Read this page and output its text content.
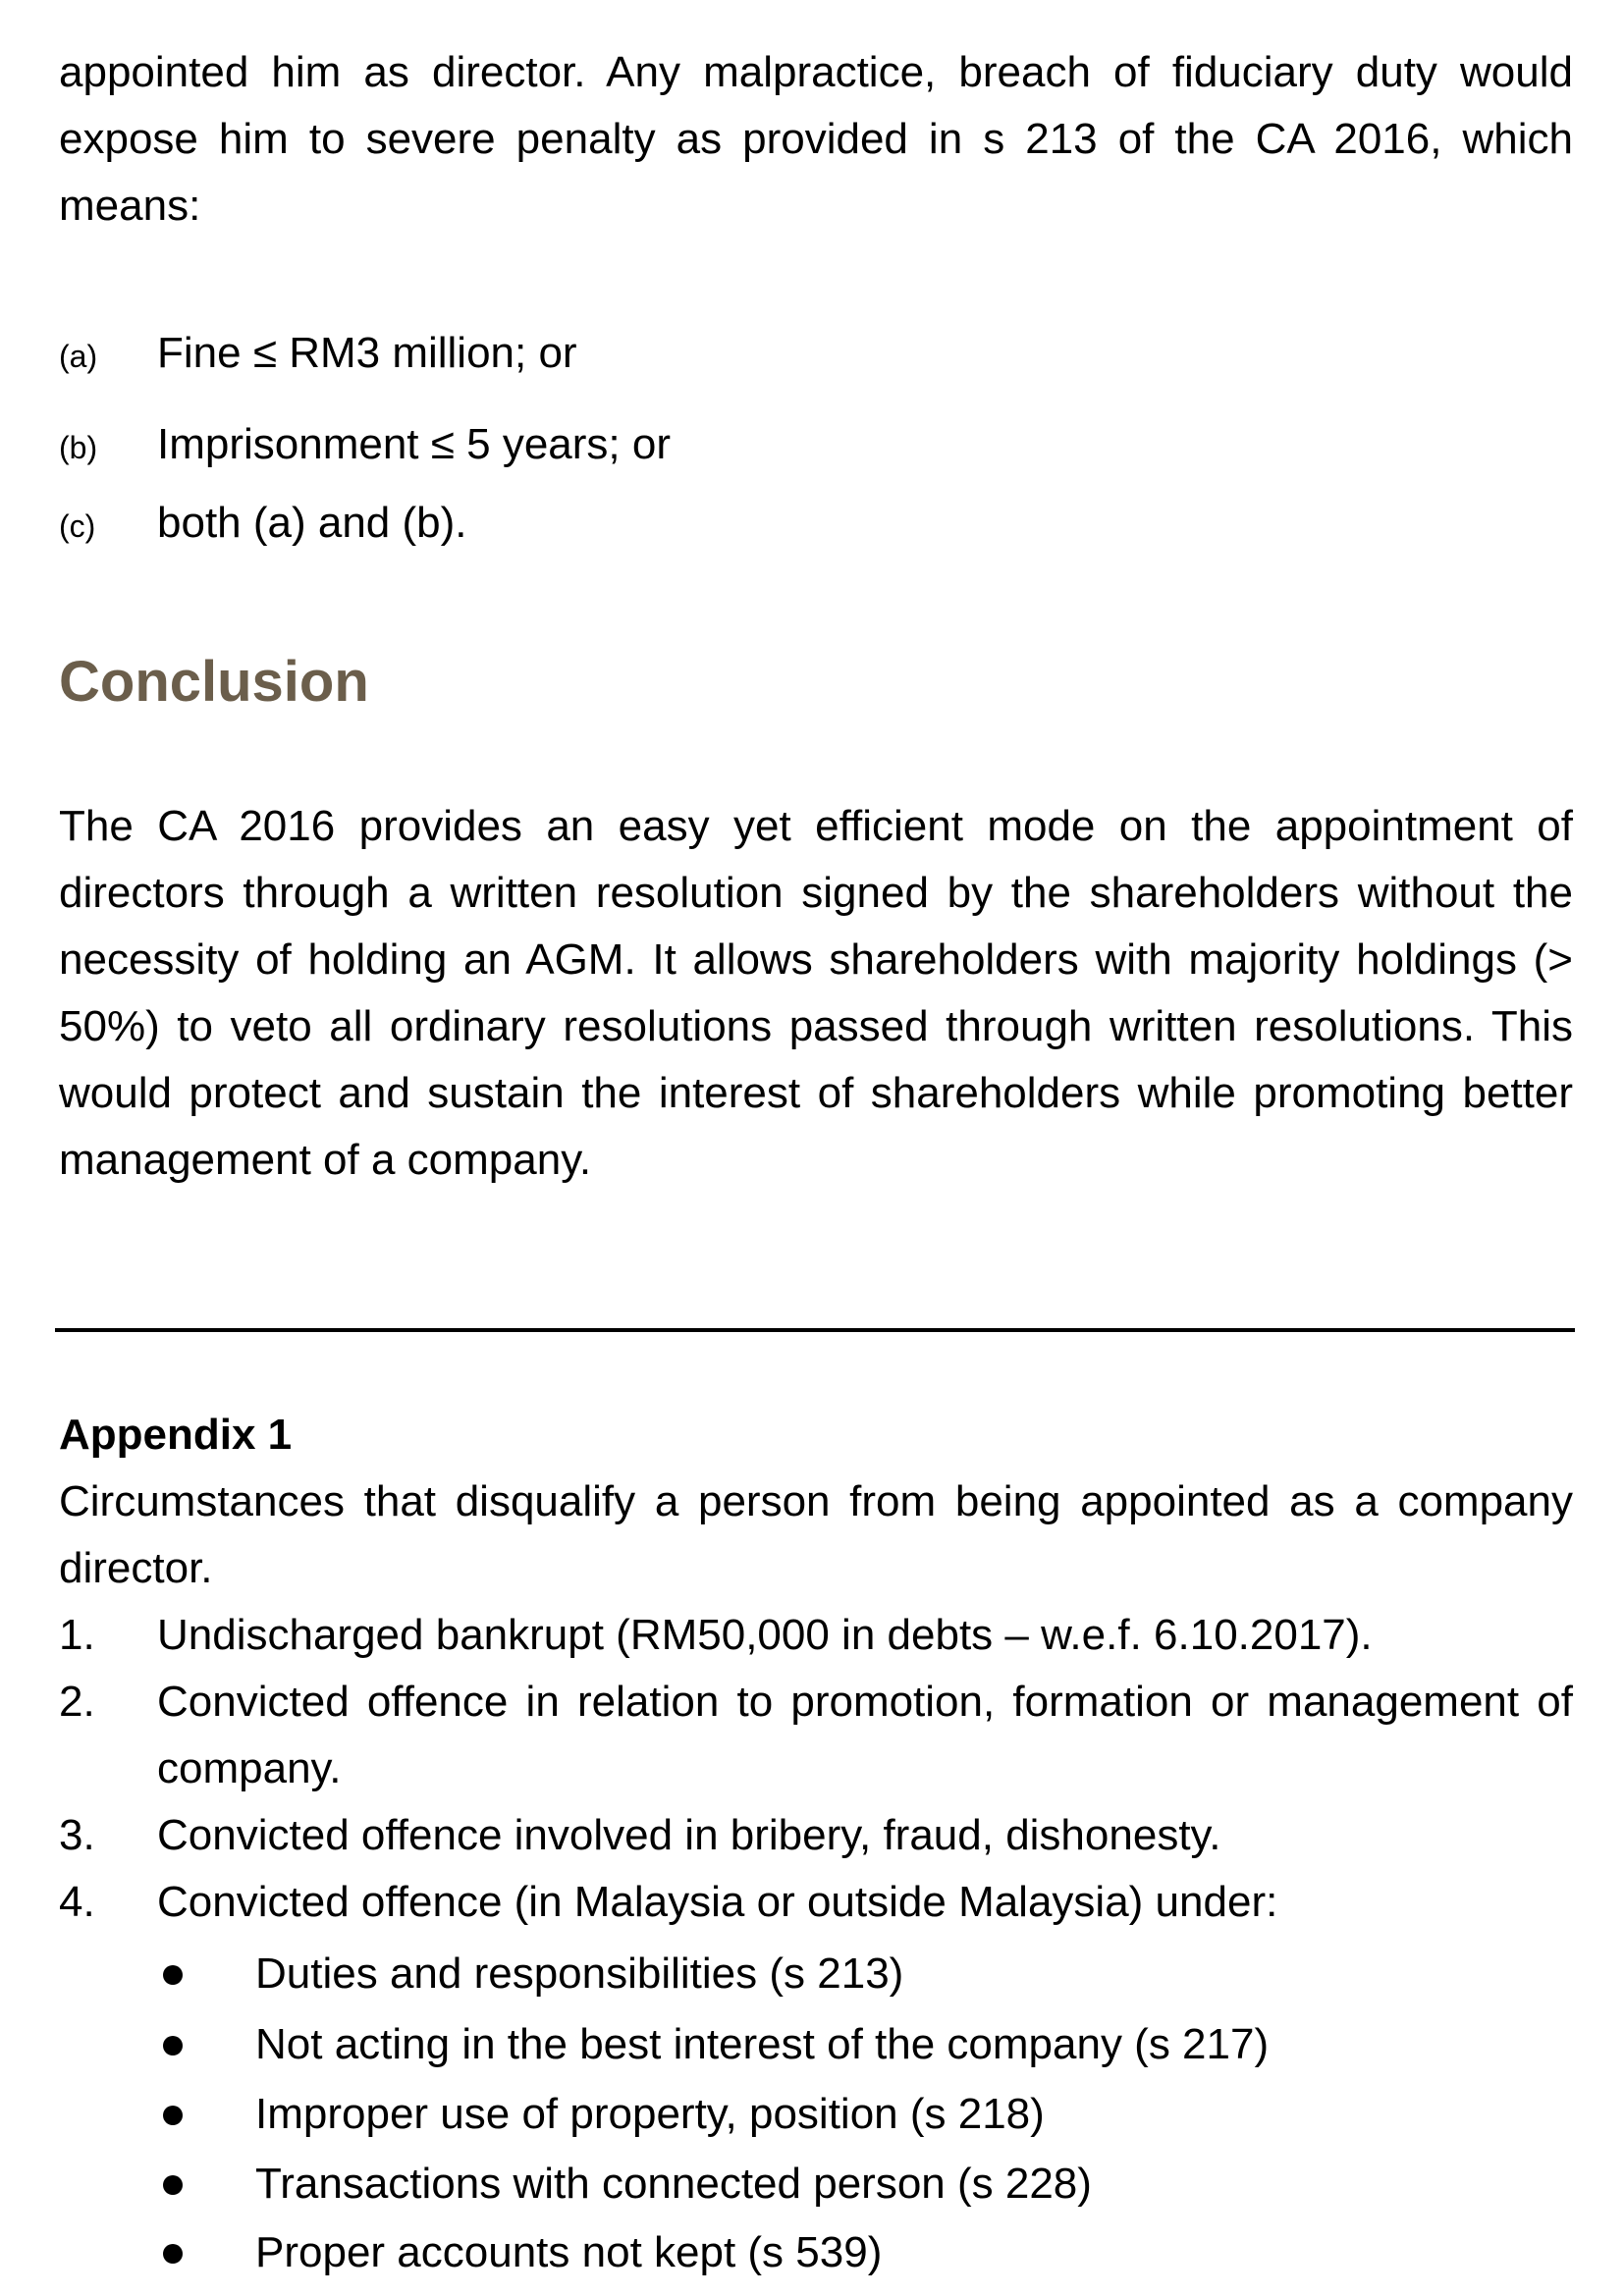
appointed him as director. Any malpractice, breach of fiduciary duty would expose him to severe penalty as provided in s 213 of the CA 2016, which means:
(a) Fine ≤ RM3 million; or
(b) Imprisonment ≤ 5 years; or
(c) both (a) and (b).
Conclusion
The CA 2016 provides an easy yet efficient mode on the appointment of directors through a written resolution signed by the shareholders without the necessity of holding an AGM. It allows shareholders with majority holdings (> 50%) to veto all ordinary resolutions passed through written resolutions. This would protect and sustain the interest of shareholders while promoting better management of a company.
Appendix 1
Circumstances that disqualify a person from being appointed as a company director.
1.	Undischarged bankrupt (RM50,000 in debts – w.e.f. 6.10.2017).
2.	Convicted offence in relation to promotion, formation or management of company.
3.	Convicted offence involved in bribery, fraud, dishonesty.
4.	Convicted offence (in Malaysia or outside Malaysia) under:
Duties and responsibilities (s 213)
Not acting in the best interest of the company (s 217)
Improper use of property, position (s 218)
Transactions with connected person (s 228)
Proper accounts not kept (s 539)
